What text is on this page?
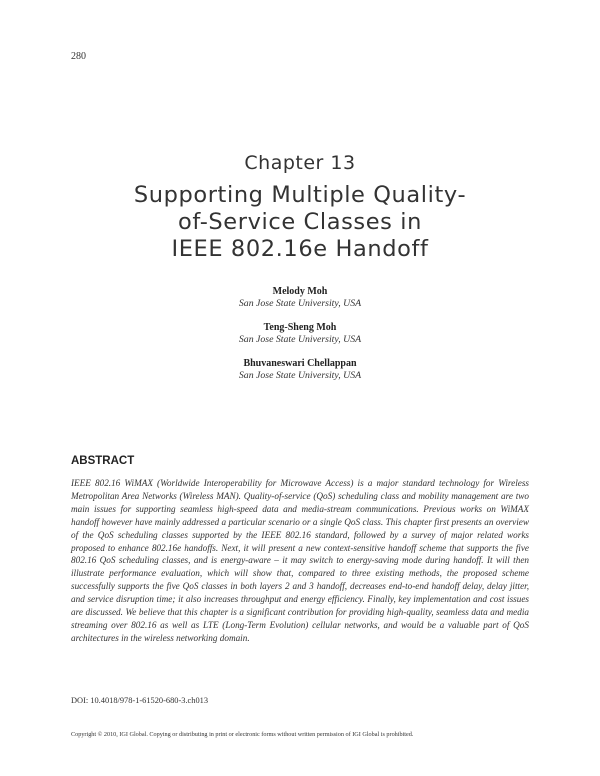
280
Chapter 13
Supporting Multiple Quality-
of-Service Classes in
IEEE 802.16e Handoff
Melody Moh
San Jose State University, USA
Teng-Sheng Moh
San Jose State University, USA
Bhuvaneswari Chellappan
San Jose State University, USA
ABSTRACT
IEEE 802.16 WiMAX (Worldwide Interoperability for Microwave Access) is a major standard technology for Wireless Metropolitan Area Networks (Wireless MAN). Quality-of-service (QoS) scheduling class and mobility management are two main issues for supporting seamless high-speed data and media-stream communications. Previous works on WiMAX handoff however have mainly addressed a particular scenario or a single QoS class. This chapter first presents an overview of the QoS scheduling classes supported by the IEEE 802.16 standard, followed by a survey of major related works proposed to enhance 802.16e handoffs. Next, it will present a new context-sensitive handoff scheme that supports the five 802.16 QoS scheduling classes, and is energy-aware – it may switch to energy-saving mode during handoff. It will then illustrate performance evaluation, which will show that, compared to three existing methods, the proposed scheme successfully supports the five QoS classes in both layers 2 and 3 handoff, decreases end-to-end handoff delay, delay jitter, and service disruption time; it also increases throughput and energy efficiency. Finally, key implementation and cost issues are discussed. We believe that this chapter is a significant contribution for providing high-quality, seamless data and media streaming over 802.16 as well as LTE (Long-Term Evolution) cellular networks, and would be a valuable part of QoS architectures in the wireless networking domain.
DOI: 10.4018/978-1-61520-680-3.ch013
Copyright © 2010, IGI Global. Copying or distributing in print or electronic forms without written permission of IGI Global is prohibited.
